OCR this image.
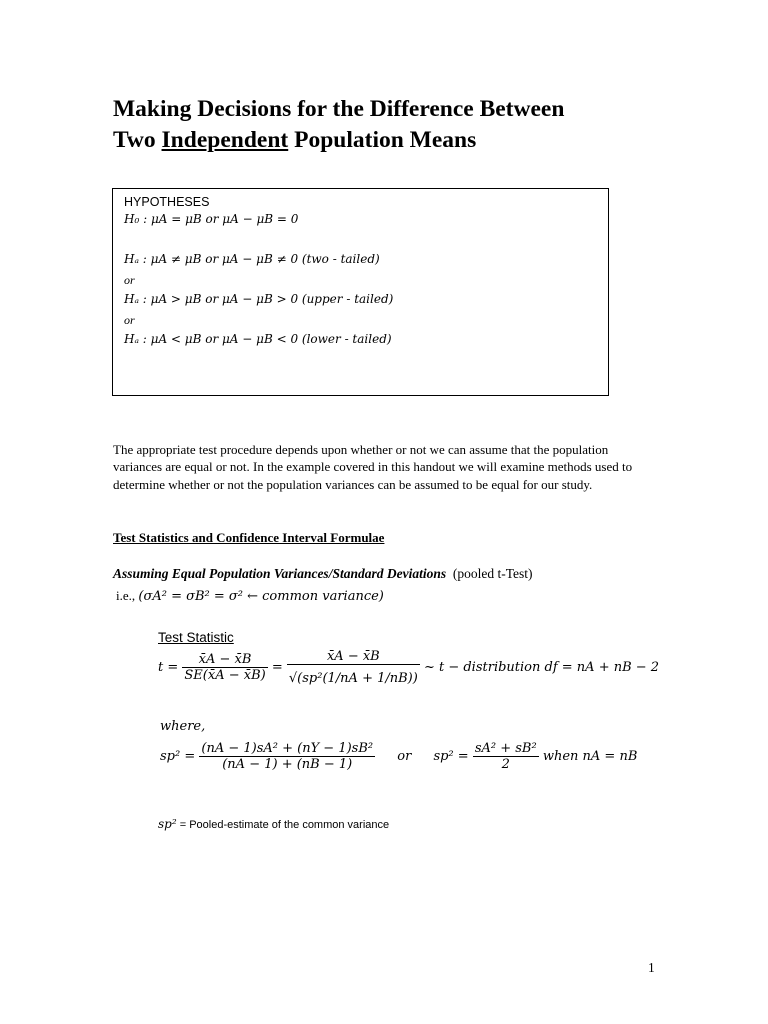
Making Decisions for the Difference Between
Two Independent Population Means
HYPOTHESES
H₀ : μA = μB or μA − μB = 0
Hₐ : μA ≠ μB or μA − μB ≠ 0 (two - tailed)
or
Hₐ : μA > μB or μA − μB > 0 (upper - tailed)
or
Hₐ : μA < μB or μA − μB < 0 (lower - tailed)
The appropriate test procedure depends upon whether or not we can assume that the population variances are equal or not. In the example covered in this handout we will examine methods used to determine whether or not the population variances can be assumed to be equal for our study.
Test Statistics and Confidence Interval Formulae
Assuming Equal Population Variances/Standard Deviations (pooled t-Test)
i.e., (σA² = σB² = σ² ← common variance)
Test Statistic
$t = \frac{x̄A - x̄B}{SE(x̄A - x̄B)} = \frac{x̄A - x̄B}{\text{√(sp²(1/nA + 1/nB))}}$ ~ t − distribution df = nA + nB − 2
where,
$sp^2 = \frac{\text{(nA − 1)sA² + (nY − 1)sB²}}{(nA - 1) + (nB - 1)}$ or $sp^2 = \frac{\text{sA² + sB²}}{2}$ when nA = nB
sp² = Pooled-estimate of the common variance
1
